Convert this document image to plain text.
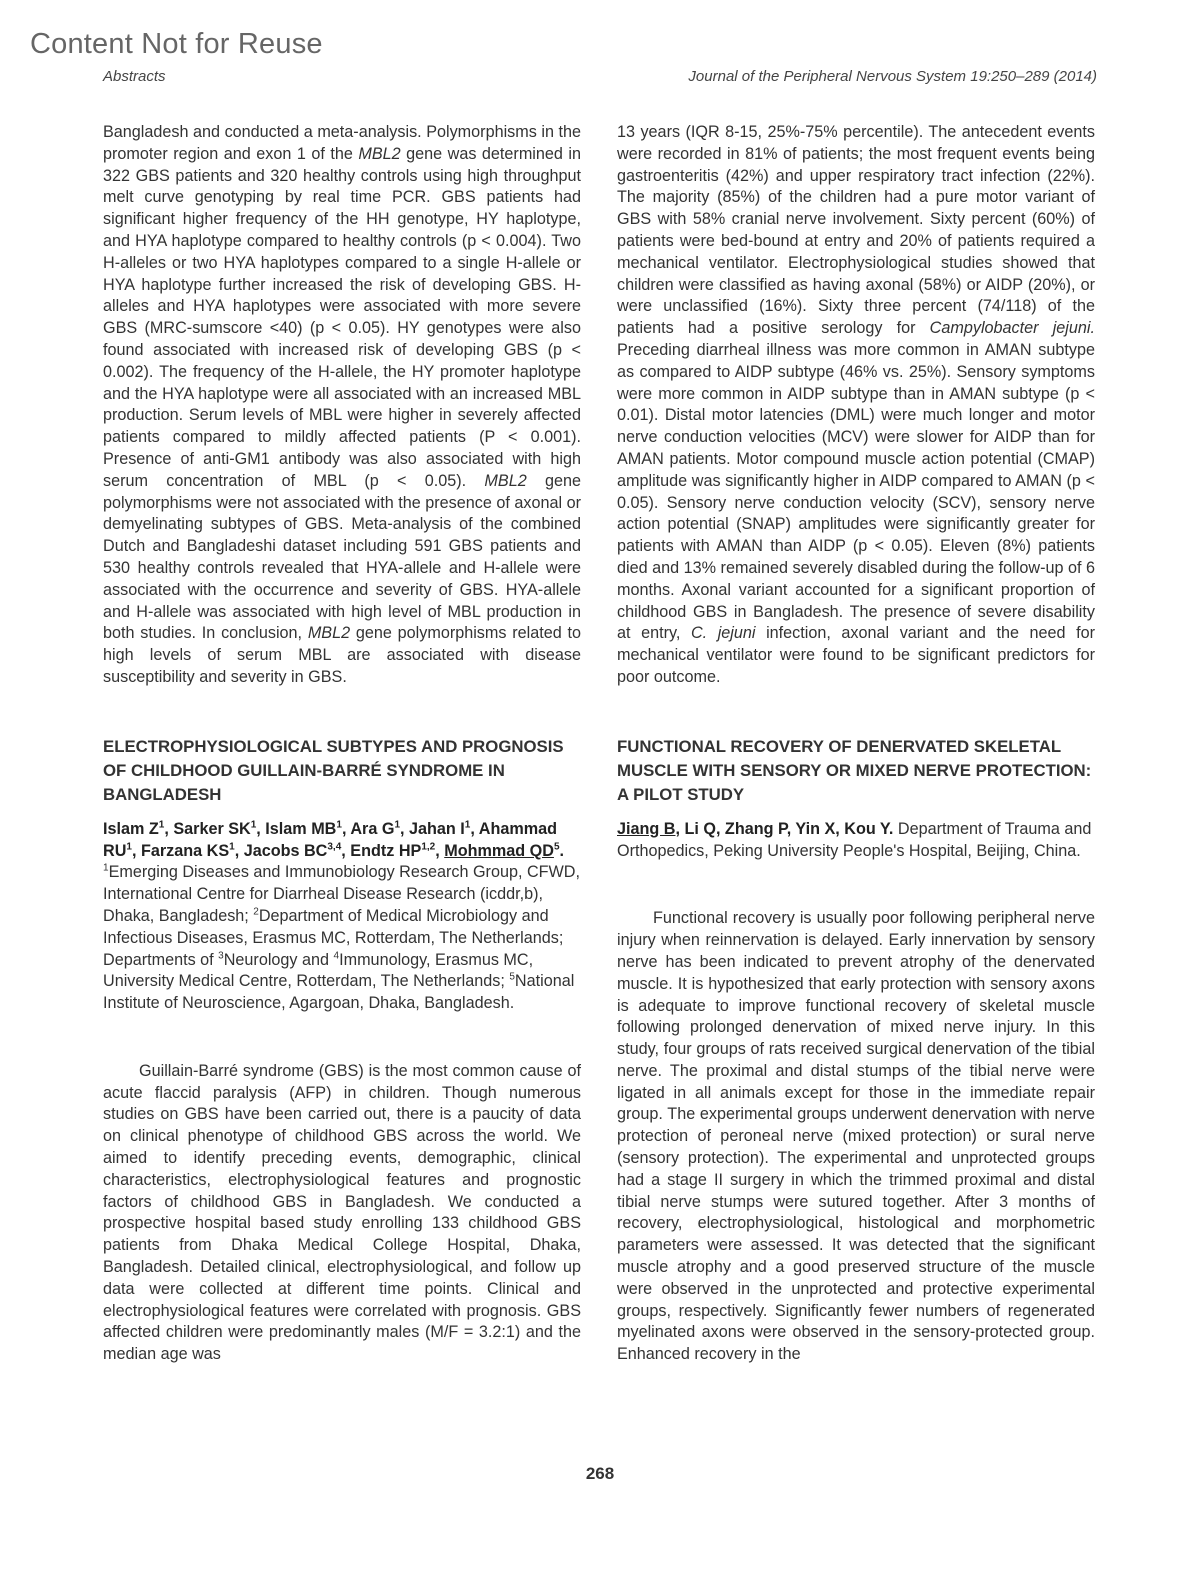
Content Not for Reuse
Abstracts	Journal of the Peripheral Nervous System 19:250–289 (2014)

Bangladesh and conducted a meta-analysis. Polymorphisms in the promoter region and exon 1 of the MBL2 gene was determined in 322 GBS patients and 320 healthy controls using high throughput melt curve genotyping by real time PCR. GBS patients had significant higher frequency of the HH genotype, HY haplotype, and HYA haplotype compared to healthy controls (p < 0.004). Two H-alleles or two HYA haplotypes compared to a single H-allele or HYA haplotype further increased the risk of developing GBS. H-alleles and HYA haplotypes were associated with more severe GBS (MRC-sumscore <40) (p < 0.05). HY genotypes were also found associated with increased risk of developing GBS (p < 0.002). The frequency of the H-allele, the HY promoter haplotype and the HYA haplotype were all associated with an increased MBL production. Serum levels of MBL were higher in severely affected patients compared to mildly affected patients (P < 0.001). Presence of anti-GM1 antibody was also associated with high serum concentration of MBL (p < 0.05). MBL2 gene polymorphisms were not associated with the presence of axonal or demyelinating subtypes of GBS. Meta-analysis of the combined Dutch and Bangladeshi dataset including 591 GBS patients and 530 healthy controls revealed that HYA-allele and H-allele were associated with the occurrence and severity of GBS. HYA-allele and H-allele was associated with high level of MBL production in both studies. In conclusion, MBL2 gene polymorphisms related to high levels of serum MBL are associated with disease susceptibility and severity in GBS.

ELECTROPHYSIOLOGICAL SUBTYPES AND PROGNOSIS OF CHILDHOOD GUILLAIN-BARRÉ SYNDROME IN BANGLADESH

Islam $Z^1$, Sarker $SK^1$, Islam $MB^1$, Ara $G^1$, Jahan $I^1$, Ahammad $RU^1$, Farzana $KS^1$, Jacobs BC$^{3,4}$, Endtz HP$^{1,2}$, Mohmmad $QD^5$. $^1$Emerging Diseases and Immunobiology Research Group, CFWD, International Centre for Diarrheal Disease Research (icddr,b), Dhaka, Bangladesh; $^2$Department of Medical Microbiology and Infectious Diseases, Erasmus MC, Rotterdam, The Netherlands; Departments of $^3$Neurology and $^4$Immunology, Erasmus MC, University Medical Centre, Rotterdam, The Netherlands; $^5$National Institute of Neuroscience, Agargoan, Dhaka, Bangladesh.

Guillain-Barré syndrome (GBS) is the most common cause of acute flaccid paralysis (AFP) in children. Though numerous studies on GBS have been carried out, there is a paucity of data on clinical phenotype of childhood GBS across the world. We aimed to identify preceding events, demographic, clinical characteristics, electrophysiological features and prognostic factors of childhood GBS in Bangladesh. We conducted a prospective hospital based study enrolling 133 childhood GBS patients from Dhaka Medical College Hospital, Dhaka, Bangladesh. Detailed clinical, electrophysiological, and follow up data were collected at different time points. Clinical and electrophysiological features were correlated with prognosis. GBS affected children were predominantly males (M/F = 3.2:1) and the median age was

13 years (IQR 8-15, 25%-75% percentile). The antecedent events were recorded in 81% of patients; the most frequent events being gastroenteritis (42%) and upper respiratory tract infection (22%). The majority (85%) of the children had a pure motor variant of GBS with 58% cranial nerve involvement. Sixty percent (60%) of patients were bed-bound at entry and 20% of patients required a mechanical ventilator. Electrophysiological studies showed that children were classified as having axonal (58%) or AIDP (20%), or were unclassified (16%). Sixty three percent (74/118) of the patients had a positive serology for Campylobacter jejuni. Preceding diarrheal illness was more common in AMAN subtype as compared to AIDP subtype (46% vs. 25%). Sensory symptoms were more common in AIDP subtype than in AMAN subtype (p < 0.01). Distal motor latencies (DML) were much longer and motor nerve conduction velocities (MCV) were slower for AIDP than for AMAN patients. Motor compound muscle action potential (CMAP) amplitude was significantly higher in AIDP compared to AMAN (p < 0.05). Sensory nerve conduction velocity (SCV), sensory nerve action potential (SNAP) amplitudes were significantly greater for patients with AMAN than AIDP (p < 0.05). Eleven (8%) patients died and 13% remained severely disabled during the follow-up of 6 months. Axonal variant accounted for a significant proportion of childhood GBS in Bangladesh. The presence of severe disability at entry, C. jejuni infection, axonal variant and the need for mechanical ventilator were found to be significant predictors for poor outcome.

FUNCTIONAL RECOVERY OF DENERVATED SKELETAL MUSCLE WITH SENSORY OR MIXED NERVE PROTECTION: A PILOT STUDY

Jiang B, Li Q, Zhang P, Yin X, Kou Y. Department of Trauma and Orthopedics, Peking University People's Hospital, Beijing, China.

Functional recovery is usually poor following peripheral nerve injury when reinnervation is delayed. Early innervation by sensory nerve has been indicated to prevent atrophy of the denervated muscle. It is hypothesized that early protection with sensory axons is adequate to improve functional recovery of skeletal muscle following prolonged denervation of mixed nerve injury. In this study, four groups of rats received surgical denervation of the tibial nerve. The proximal and distal stumps of the tibial nerve were ligated in all animals except for those in the immediate repair group. The experimental groups underwent denervation with nerve protection of peroneal nerve (mixed protection) or sural nerve (sensory protection). The experimental and unprotected groups had a stage II surgery in which the trimmed proximal and distal tibial nerve stumps were sutured together. After 3 months of recovery, electrophysiological, histological and morphometric parameters were assessed. It was detected that the significant muscle atrophy and a good preserved structure of the muscle were observed in the unprotected and protective experimental groups, respectively. Significantly fewer numbers of regenerated myelinated axons were observed in the sensory-protected group. Enhanced recovery in the

268
